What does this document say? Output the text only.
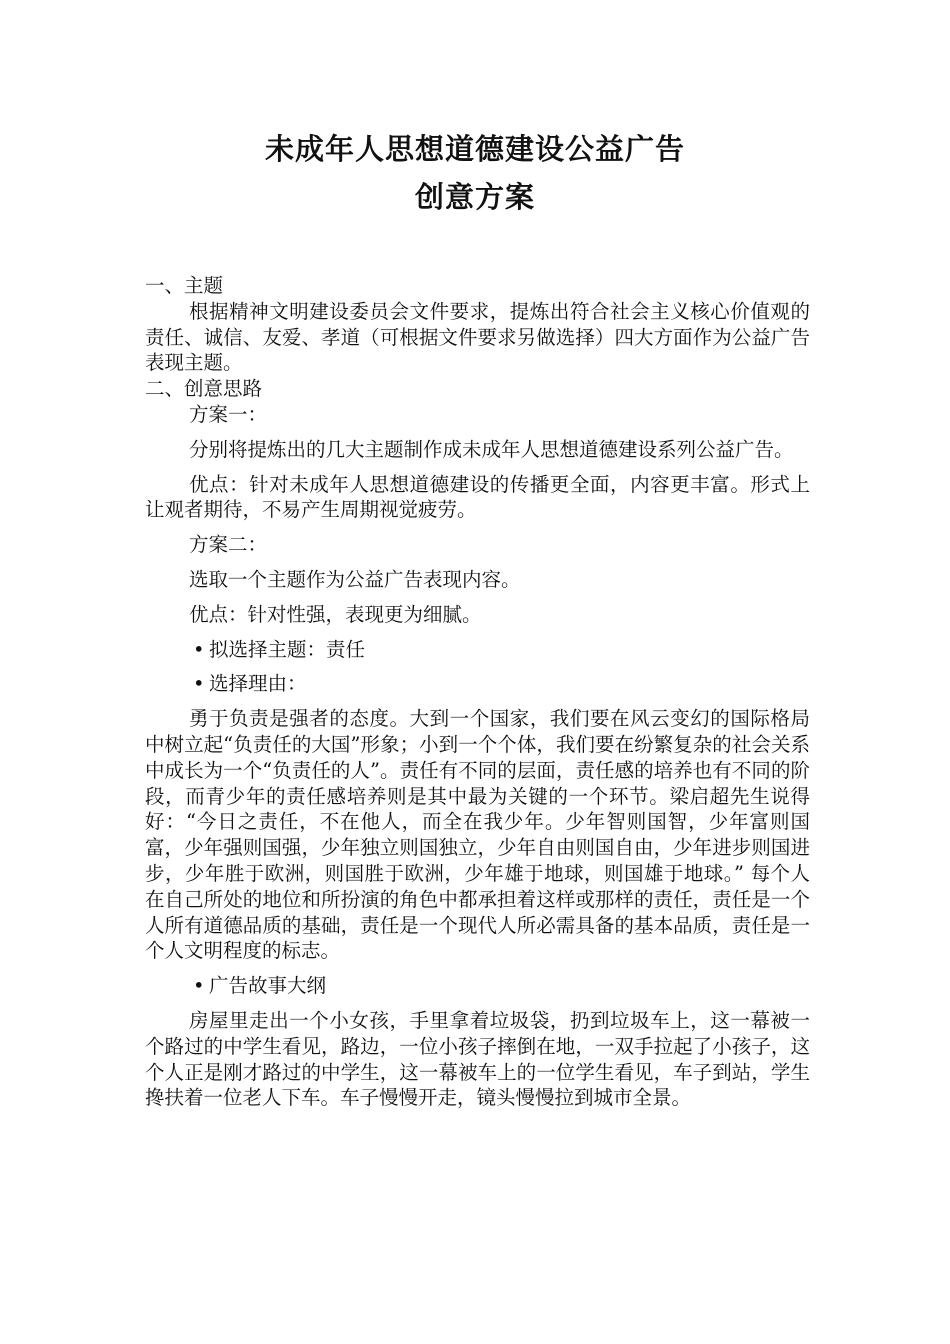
未成年人思想道德建设公益广告
创意方案

一、主题

根据精神文明建设委员会文件要求，提炼出符合社会主义核心价值观的责任、诚信、友爱、孝道（可根据文件要求另做选择）四大方面作为公益广告表现主题。

二、创意思路

方案一：

分别将提炼出的几大主题制作成未成年人思想道德建设系列公益广告。

优点：针对未成年人思想道德建设的传播更全面，内容更丰富。形式上让观者期待，不易产生周期视觉疲劳。

方案二：

选取一个主题作为公益广告表现内容。

优点：针对性强，表现更为细腻。

• 拟选择主题：责任

• 选择理由：

勇于负责是强者的态度。大到一个国家，我们要在风云变幻的国际格局中树立起“负责任的大国”形象；小到一个个体，我们要在纷繁复杂的社会关系中成长为一个“负责任的人”。责任有不同的层面，责任感的培养也有不同的阶段，而青少年的责任感培养则是其中最为关键的一个环节。梁启超先生说得好：“今日之责任，不在他人，而全在我少年。少年智则国智，少年富则国富，少年强则国强，少年独立则国独立，少年自由则国自由，少年进步则国进步，少年胜于欧洲，则国胜于欧洲，少年雄于地球，则国雄于地球。” 每个人在自己所处的地位和所扮演的角色中都承担着这样或那样的责任，责任是一个人所有道德品质的基础，责任是一个现代人所必需具备的基本品质，责任是一个人文明程度的标志。

• 广告故事大纲

房屋里走出一个小女孩，手里拿着垃圾袋，扔到垃圾车上，这一幕被一个路过的中学生看见，路边，一位小孩子摔倒在地，一双手拉起了小孩子，这个人正是刚才路过的中学生，这一幕被车上的一位学生看见，车子到站，学生搀扶着一位老人下车。车子慢慢开走，镜头慢慢拉到城市全景。
